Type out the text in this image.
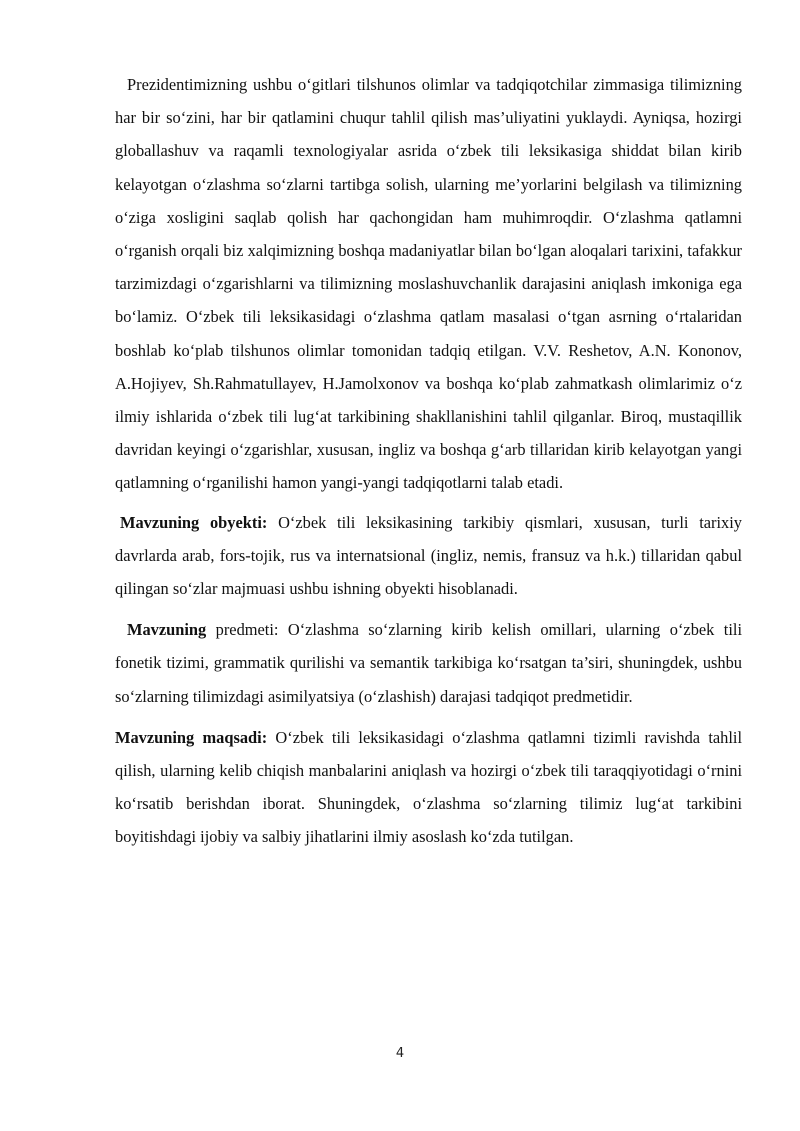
Prezidentimizning ushbu o‘gitlari tilshunos olimlar va tadqiqotchilar zimmasiga tilimizning har bir so‘zini, har bir qatlamini chuqur tahlil qilish mas’uliyatini yuklaydi. Ayniqsa, hozirgi globallashuv va raqamli texnologiyalar asrida o‘zbek tili leksikasiga shiddat bilan kirib kelayotgan o‘zlashma so‘zlarni tartibga solish, ularning me’yorlarini belgilash va tilimizning o‘ziga xosligini saqlab qolish har qachongidan ham muhimroqdir. O‘zlashma qatlamni o‘rganish orqali biz xalqimizning boshqa madaniyatlar bilan bo‘lgan aloqalari tarixini, tafakkur tarzimizdagi o‘zgarishlarni va tilimizning moslashuvchanlik darajasini aniqlash imkoniga ega bo‘lamiz. O‘zbek tili leksikasidagi o‘zlashma qatlam masalasi o‘tgan asrning o‘rtalaridan boshlab ko‘plab tilshunos olimlar tomonidan tadqiq etilgan. V.V. Reshetov, A.N. Kononov, A.Hojiyev, Sh.Rahmatullayev, H.Jamolxonov va boshqa ko‘plab zahmatkash olimlarimiz o‘z ilmiy ishlarida o‘zbek tili lug‘at tarkibining shakllanishini tahlil qilganlar. Biroq, mustaqillik davridan keyingi o‘zgarishlar, xususan, ingliz va boshqa g‘arb tillaridan kirib kelayotgan yangi qatlamning o‘rganilishi hamon yangi-yangi tadqiqotlarni talab etadi.

Mavzuning obyekti: O‘zbek tili leksikasining tarkibiy qismlari, xususan, turli tarixiy davrlarda arab, fors-tojik, rus va internatsional (ingliz, nemis, fransuz va h.k.) tillaridan qabul qilingan so‘zlar majmuasi ushbu ishning obyekti hisoblanadi.

Mavzuning predmeti: O‘zlashma so‘zlarning kirib kelish omillari, ularning o‘zbek tili fonetik tizimi, grammatik qurilishi va semantik tarkibiga ko‘rsatgan ta’siri, shuningdek, ushbu so‘zlarning tilimizdagi asimilyatsiya (o‘zlashish) darajasi tadqiqot predmetidir.

Mavzuning maqsadi: O‘zbek tili leksikasidagi o‘zlashma qatlamni tizimli ravishda tahlil qilish, ularning kelib chiqish manbalarini aniqlash va hozirgi o‘zbek tili taraqqiyotidagi o‘rnini ko‘rsatib berishdan iborat. Shuningdek, o‘zlashma so‘zlarning tilimiz lug‘at tarkibini boyitishdagi ijobiy va salbiy jihatlarini ilmiy asoslash ko‘zda tutilgan.

4
